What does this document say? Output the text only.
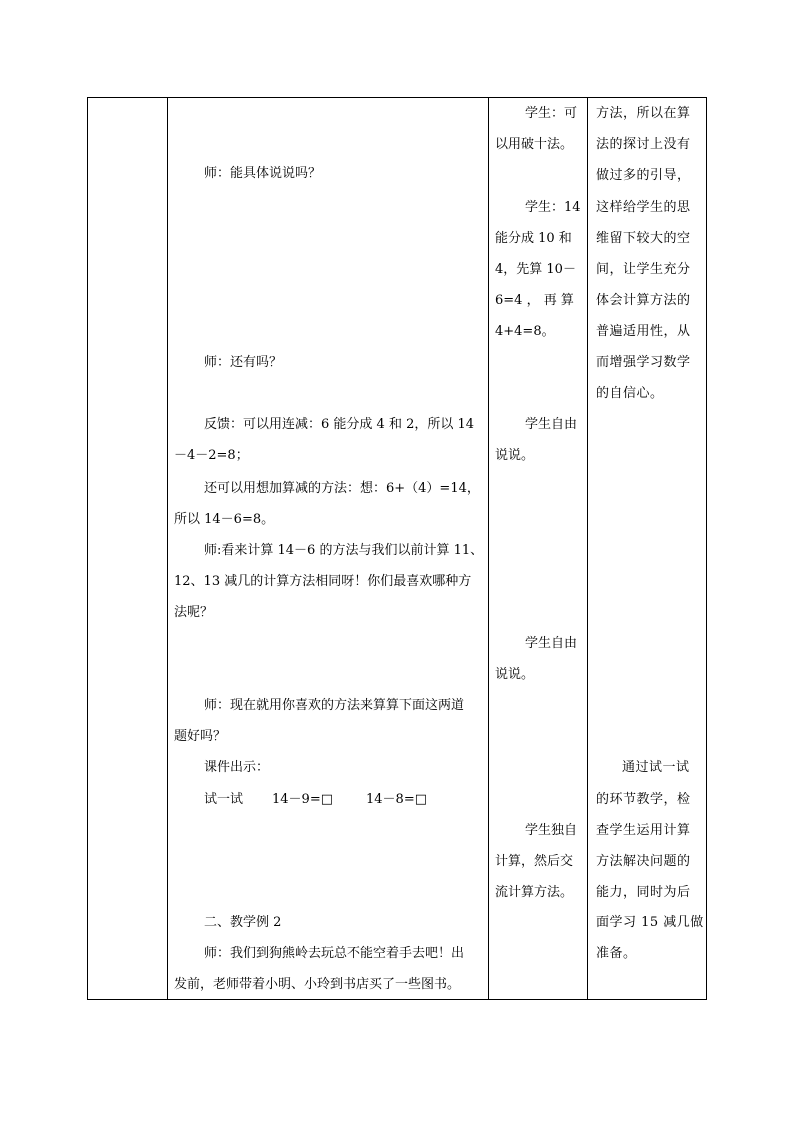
师：能具体说说吗？
师：还有吗？
反馈：可以用连减：6 能分成 4 和 2，所以 14
－4－2=8；
还可以用想加算减的方法：想：6+（4）=14，
所以 14－6=8。
师:看来计算 14－6 的方法与我们以前计算 11、
12、13 减几的计算方法相同呀！你们最喜欢哪种方
法呢？
师：现在就用你喜欢的方法来算算下面这两道
题好吗？
课件出示：
试一试 14－9=□	14－8=□
二、教学例 2
师：我们到狗熊岭去玩总不能空着手去吧！出
发前，老师带着小明、小玲到书店买了一些图书。
学生：可
以用破十法。
学生：14
能分成 10 和
4，先算 10－
6=4 ， 再 算
4+4=8。
学生自由
说说。
学生自由
说说。
学生独自
计算，然后交
流计算方法。
方法，所以在算
法的探讨上没有
做过多的引导，
这样给学生的思
维留下较大的空
间，让学生充分
体会计算方法的
普遍适用性，从
而增强学习数学
的自信心。
通过试一试
的环节教学，检
查学生运用计算
方法解决问题的
能力，同时为后
面学习 15 减几做
准备。
